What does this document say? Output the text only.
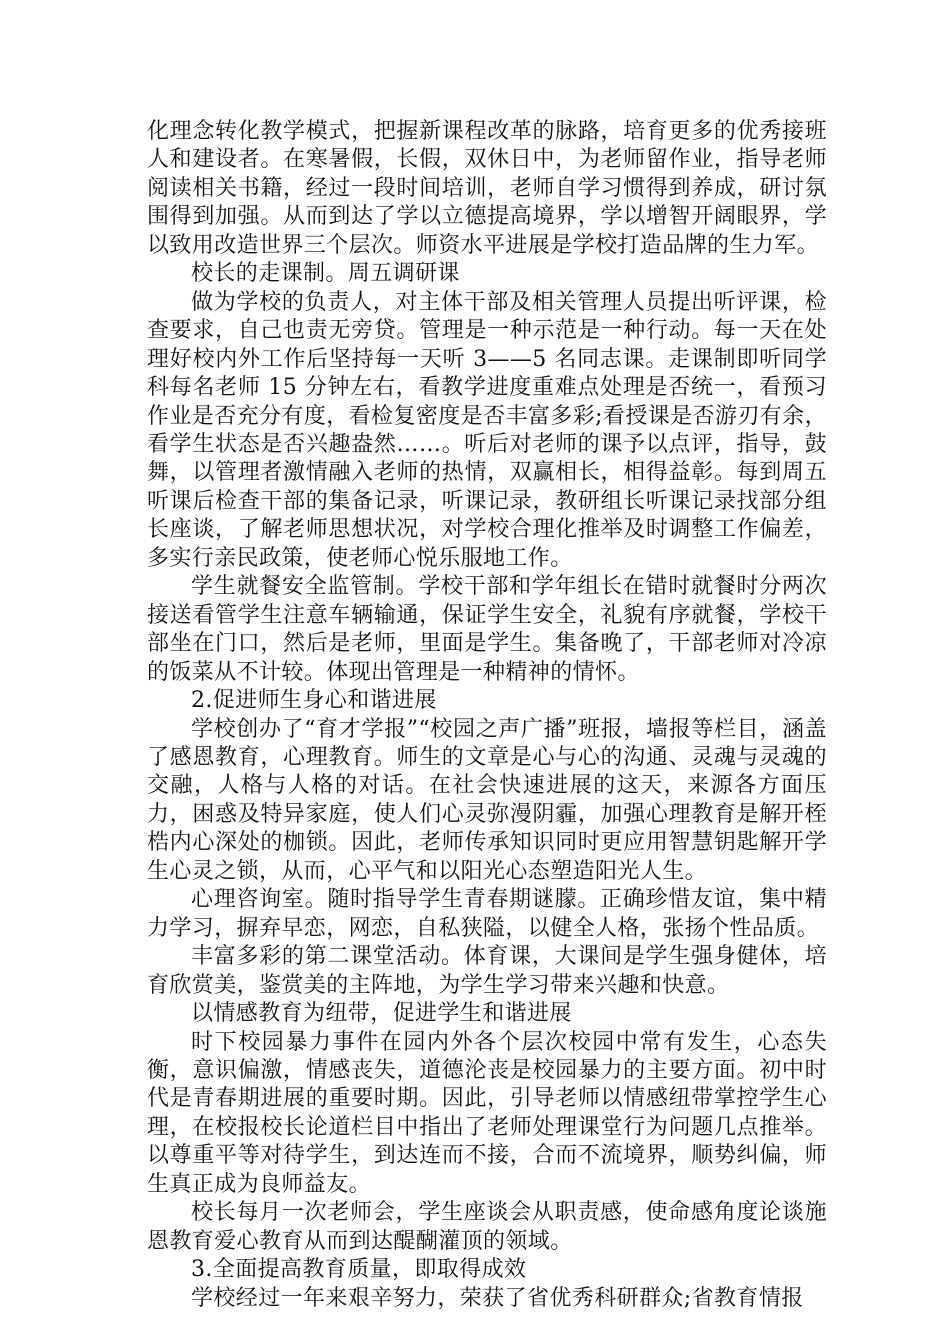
化理念转化教学模式，把握新课程改革的脉路，培育更多的优秀接班人和建设者。在寒暑假，长假，双休日中，为老师留作业，指导老师阅读相关书籍，经过一段时间培训，老师自学习惯得到养成，研讨氛围得到加强。从而到达了学以立德提高境界，学以增智开阔眼界，学以致用改造世界三个层次。师资水平进展是学校打造品牌的生力军。

校长的走课制。周五调研课

做为学校的负责人，对主体干部及相关管理人员提出听评课，检查要求，自己也责无旁贷。管理是一种示范是一种行动。每一天在处理好校内外工作后坚持每一天听 3——5 名同志课。走课制即听同学科每名老师 15 分钟左右，看教学进度重难点处理是否统一，看预习作业是否充分有度，看检复密度是否丰富多彩;看授课是否游刃有余，看学生状态是否兴趣盎然……。听后对老师的课予以点评，指导，鼓舞，以管理者激情融入老师的热情，双赢相长，相得益彰。每到周五听课后检查干部的集备记录，听课记录，教研组长听课记录找部分组长座谈，了解老师思想状况，对学校合理化推举及时调整工作偏差，多实行亲民政策，使老师心悦乐服地工作。

学生就餐安全监管制。学校干部和学年组长在错时就餐时分两次接送看管学生注意车辆输通，保证学生安全，礼貌有序就餐，学校干部坐在门口，然后是老师，里面是学生。集备晚了，干部老师对冷凉的饭菜从不计较。体现出管理是一种精神的情怀。

2.促进师生身心和谐进展

学校创办了“育才学报”“校园之声广播”班报，墙报等栏目，涵盖了感恩教育，心理教育。师生的文章是心与心的沟通、灵魂与灵魂的交融，人格与人格的对话。在社会快速进展的这天，来源各方面压力，困惑及特异家庭，使人们心灵弥漫阴霾，加强心理教育是解开桎梏内心深处的枷锁。因此，老师传承知识同时更应用智慧钥匙解开学生心灵之锁，从而，心平气和以阳光心态塑造阳光人生。

心理咨询室。随时指导学生青春期谜朦。正确珍惜友谊，集中精力学习，摒弃早恋，网恋，自私狭隘，以健全人格，张扬个性品质。

丰富多彩的第二课堂活动。体育课，大课间是学生强身健体，培育欣赏美，鉴赏美的主阵地，为学生学习带来兴趣和快意。

以情感教育为纽带，促进学生和谐进展

时下校园暴力事件在园内外各个层次校园中常有发生，心态失衡，意识偏激，情感丧失，道德沦丧是校园暴力的主要方面。初中时代是青春期进展的重要时期。因此，引导老师以情感纽带掌控学生心理，在校报校长论道栏目中指出了老师处理课堂行为问题几点推举。以尊重平等对待学生，到达连而不接，合而不流境界，顺势纠偏，师生真正成为良师益友。

校长每月一次老师会，学生座谈会从职责感，使命感角度论谈施恩教育爱心教育从而到达醍醐灌顶的领域。

3.全面提高教育质量，即取得成效

学校经过一年来艰辛努力，荣获了省优秀科研群众;省教育情报
